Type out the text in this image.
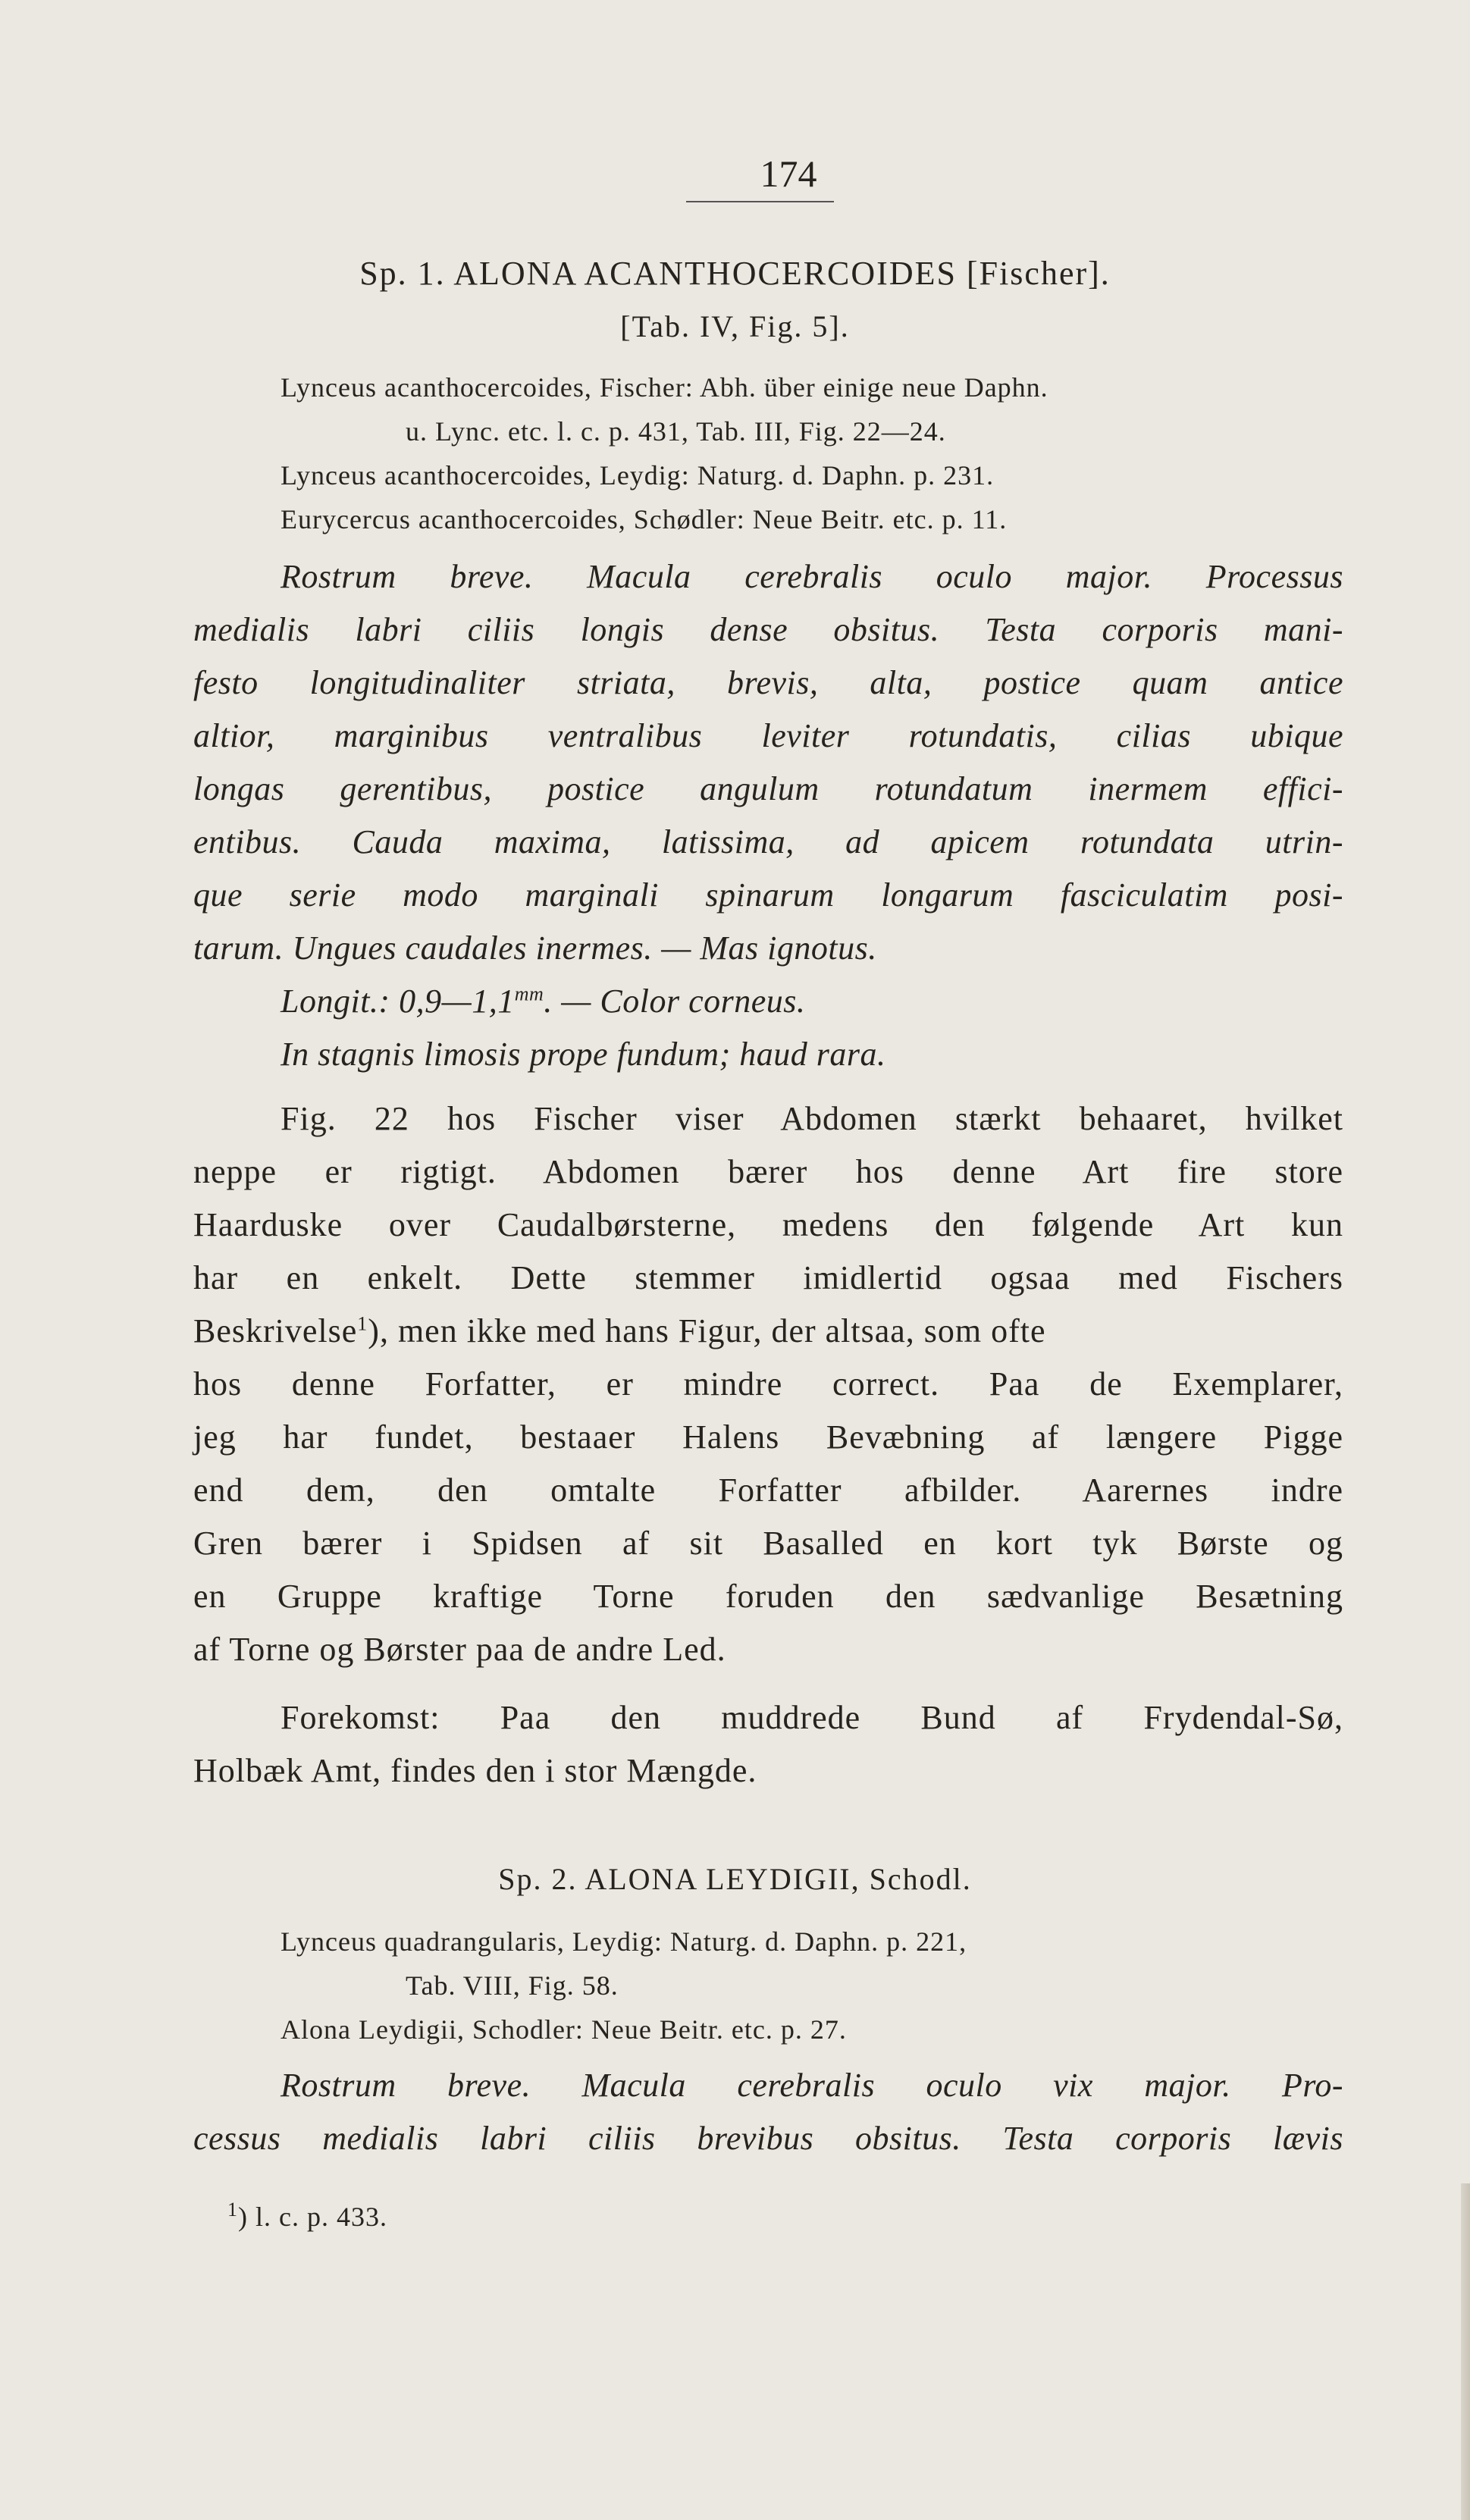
174
Sp. 1. ALONA ACANTHOCERCOIDES [Fischer].
[Tab. IV, Fig. 5].
Lynceus acanthocercoides, Fischer: Abh. über einige neue Daphn.
u. Lync. etc. l. c. p. 431, Tab. III, Fig. 22—24.
Lynceus acanthocercoides, Leydig: Naturg. d. Daphn. p. 231.
Eurycercus acanthocercoides, Schødler: Neue Beitr. etc. p. 11.
Rostrum breve. Macula cerebralis oculo major. Processus
medialis labri ciliis longis dense obsitus. Testa corporis mani-
festo longitudinaliter striata, brevis, alta, postice quam antice
altior, marginibus ventralibus leviter rotundatis, cilias ubique
longas gerentibus, postice angulum rotundatum inermem effici-
entibus. Cauda maxima, latissima, ad apicem rotundata utrin-
que serie modo marginali spinarum longarum fasciculatim posi-
tarum. Ungues caudales inermes. — Mas ignotus.
Longit.: $0,9—1,1^{mm}$. — Color corneus.
In stagnis limosis prope fundum; haud rara.
Fig. 22 hos Fischer viser Abdomen stærkt behaaret, hvilket
neppe er rigtigt. Abdomen bærer hos denne Art fire store
Haarduske over Caudalbørsterne, medens den følgende Art kun
har en enkelt. Dette stemmer imidlertid ogsaa med Fischers
Beskrivelse$^1$), men ikke med hans Figur, der altsaa, som ofte
hos denne Forfatter, er mindre correct. Paa de Exemplarer,
jeg har fundet, bestaaer Halens Bevæbning af længere Pigge
end dem, den omtalte Forfatter afbilder. Aarernes indre
Gren bærer i Spidsen af sit Basalled en kort tyk Børste og
en Gruppe kraftige Torne foruden den sædvanlige Besætning
af Torne og Børster paa de andre Led.
Forekomst: Paa den muddrede Bund af Frydendal-Sø,
Holbæk Amt, findes den i stor Mængde.
Sp. 2. ALONA LEYDIGII, Schodl.
Lynceus quadrangularis, Leydig: Naturg. d. Daphn. p. 221,
Tab. VIII, Fig. 58.
Alona Leydigii, Schodler: Neue Beitr. etc. p. 27.
Rostrum breve. Macula cerebralis oculo vix major. Pro-
cessus medialis labri ciliis brevibus obsitus. Testa corporis lævis
$^1$) l. c. p. 433.
